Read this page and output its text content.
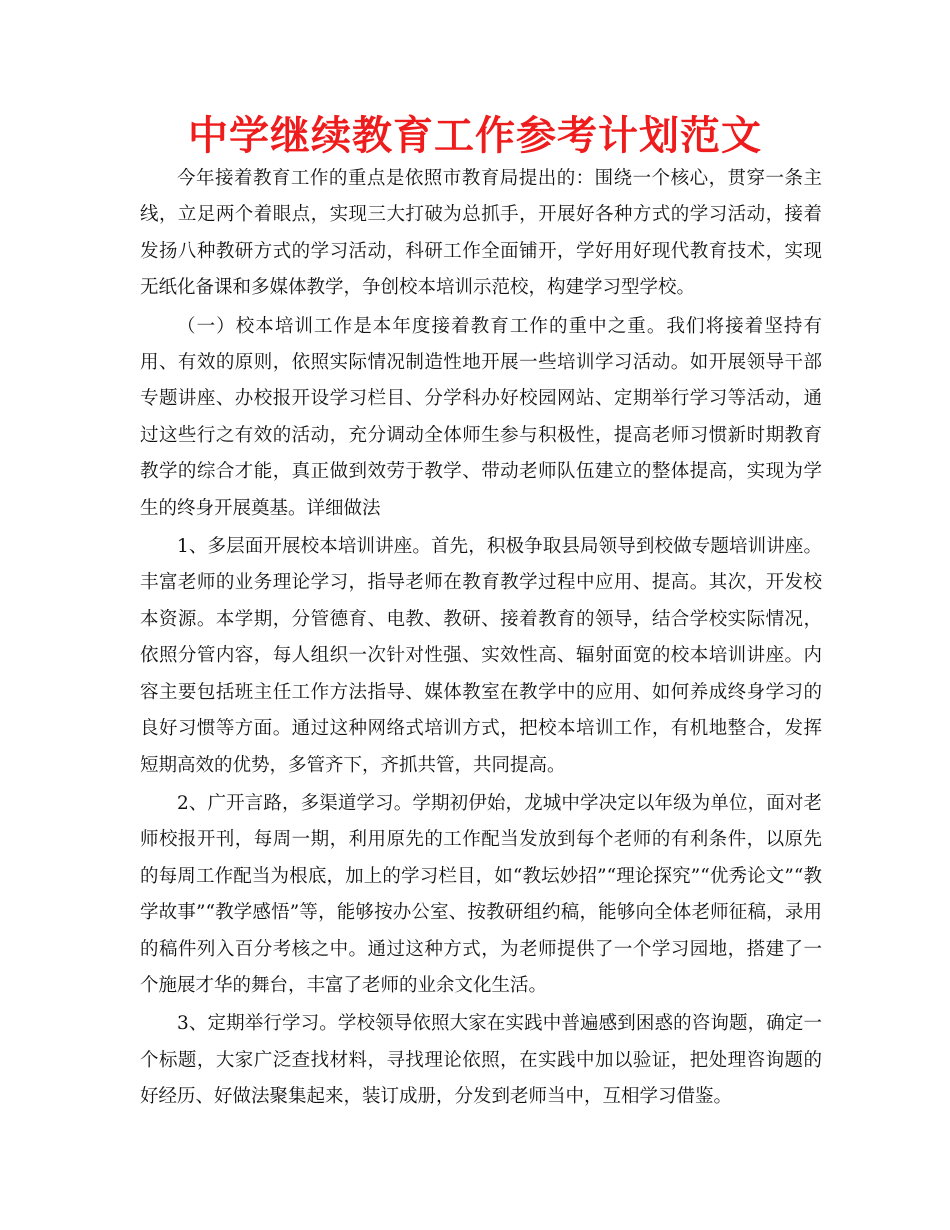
中学继续教育工作参考计划范文

今年接着教育工作的重点是依照市教育局提出的：围绕一个核心，贯穿一条主线，立足两个着眼点，实现三大打破为总抓手，开展好各种方式的学习活动，接着发扬八种教研方式的学习活动，科研工作全面铺开，学好用好现代教育技术，实现无纸化备课和多媒体教学，争创校本培训示范校，构建学习型学校。

（一）校本培训工作是本年度接着教育工作的重中之重。我们将接着坚持有用、有效的原则，依照实际情况制造性地开展一些培训学习活动。如开展领导干部专题讲座、办校报开设学习栏目、分学科办好校园网站、定期举行学习等活动，通过这些行之有效的活动，充分调动全体师生参与积极性，提高老师习惯新时期教育教学的综合才能，真正做到效劳于教学、带动老师队伍建立的整体提高，实现为学生的终身开展奠基。详细做法

1、多层面开展校本培训讲座。首先，积极争取县局领导到校做专题培训讲座。丰富老师的业务理论学习，指导老师在教育教学过程中应用、提高。其次，开发校本资源。本学期，分管德育、电教、教研、接着教育的领导，结合学校实际情况，依照分管内容，每人组织一次针对性强、实效性高、辐射面宽的校本培训讲座。内容主要包括班主任工作方法指导、媒体教室在教学中的应用、如何养成终身学习的良好习惯等方面。通过这种网络式培训方式，把校本培训工作，有机地整合，发挥短期高效的优势，多管齐下，齐抓共管，共同提高。

2、广开言路，多渠道学习。学期初伊始，龙城中学决定以年级为单位，面对老师校报开刊，每周一期，利用原先的工作配当发放到每个老师的有利条件，以原先的每周工作配当为根底，加上的学习栏目，如“教坛妙招”“理论探究”“优秀论文”“教学故事”“教学感悟”等，能够按办公室、按教研组约稿，能够向全体老师征稿，录用的稿件列入百分考核之中。通过这种方式，为老师提供了一个学习园地，搭建了一个施展才华的舞台，丰富了老师的业余文化生活。

3、定期举行学习。学校领导依照大家在实践中普遍感到困惑的咨询题，确定一个标题，大家广泛查找材料，寻找理论依照，在实践中加以验证，把处理咨询题的好经历、好做法聚集起来，装订成册，分发到老师当中，互相学习借鉴。
